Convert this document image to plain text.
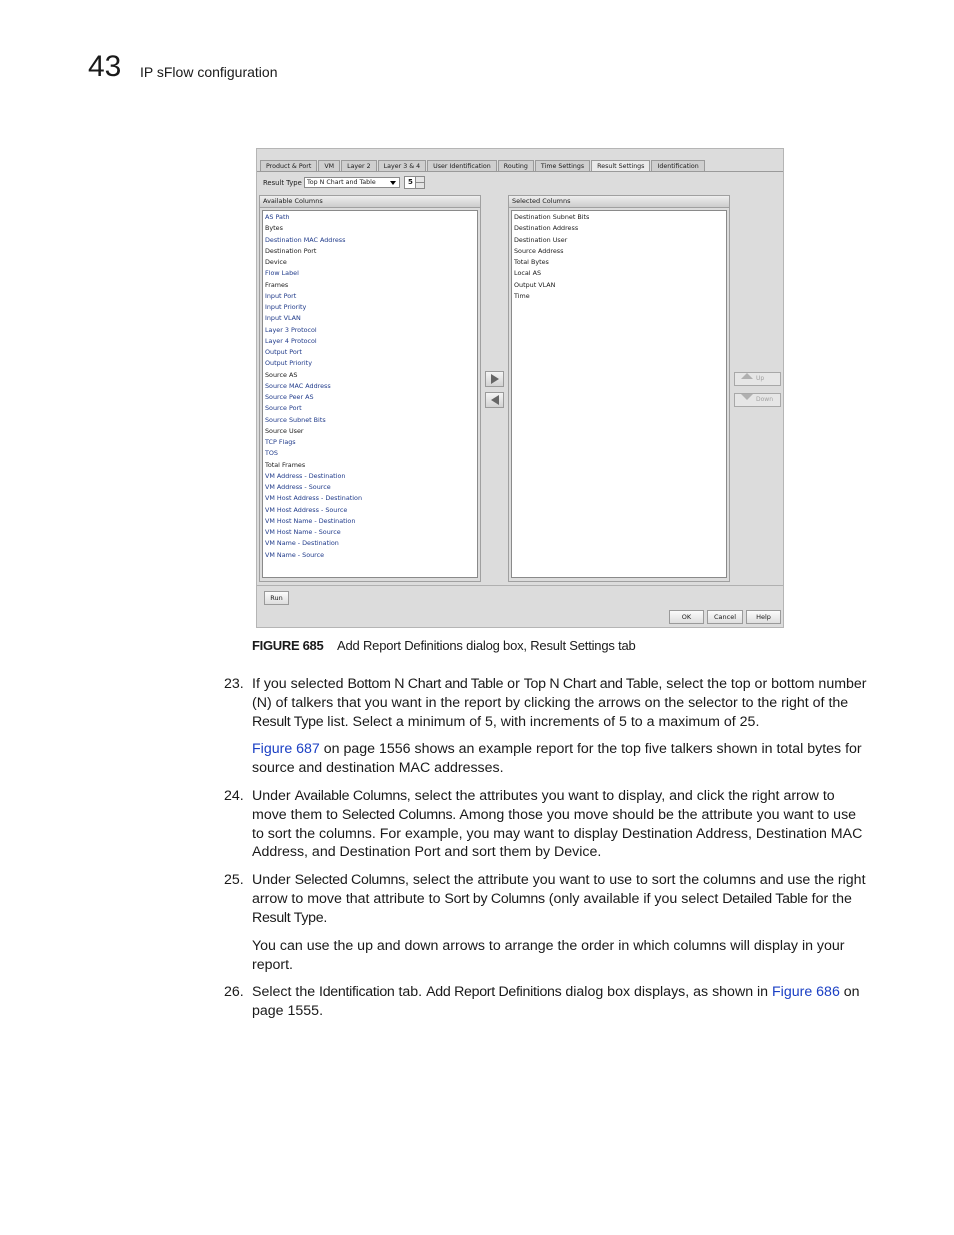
43 IP sFlow configuration
Product & Port	VM	Layer 2	Layer 3 & 4	User Identification	Routing	Time Settings	Result Settings	Identification
Result Type Top N Chart and Table	5
Available Columns
AS Path
Bytes
Destination MAC Address
Destination Port
Device
Flow Label
Frames
Input Port
Input Priority
Input VLAN
Layer 3 Protocol
Layer 4 Protocol
Output Port
Output Priority
Source AS
Source MAC Address
Source Peer AS
Source Port
Source Subnet Bits
Source User
TCP Flags
TOS
Total Frames
VM Address - Destination
VM Address - Source
VM Host Address - Destination
VM Host Address - Source
VM Host Name - Destination
VM Host Name - Source
VM Name - Destination
VM Name - Source
Selected Columns
Destination Subnet Bits
Destination Address
Destination User
Source Address
Total Bytes
Local AS
Output VLAN
Time
Up
Down
Run
OK	Cancel	Help
FIGURE 685 Add Report Definitions dialog box, Result Settings tab
23. If you selected Bottom N Chart and Table or Top N Chart and Table, select the top or bottom number (N) of talkers that you want in the report by clicking the arrows on the selector to the right of the Result Type list. Select a minimum of 5, with increments of 5 to a maximum of 25.
Figure 687 on page 1556 shows an example report for the top five talkers shown in total bytes for source and destination MAC addresses.
24. Under Available Columns, select the attributes you want to display, and click the right arrow to move them to Selected Columns. Among those you move should be the attribute you want to use to sort the columns. For example, you may want to display Destination Address, Destination MAC Address, and Destination Port and sort them by Device.
25. Under Selected Columns, select the attribute you want to use to sort the columns and use the right arrow to move that attribute to Sort by Columns (only available if you select Detailed Table for the Result Type.
You can use the up and down arrows to arrange the order in which columns will display in your report.
26. Select the Identification tab. Add Report Definitions dialog box displays, as shown in Figure 686 on page 1555.
